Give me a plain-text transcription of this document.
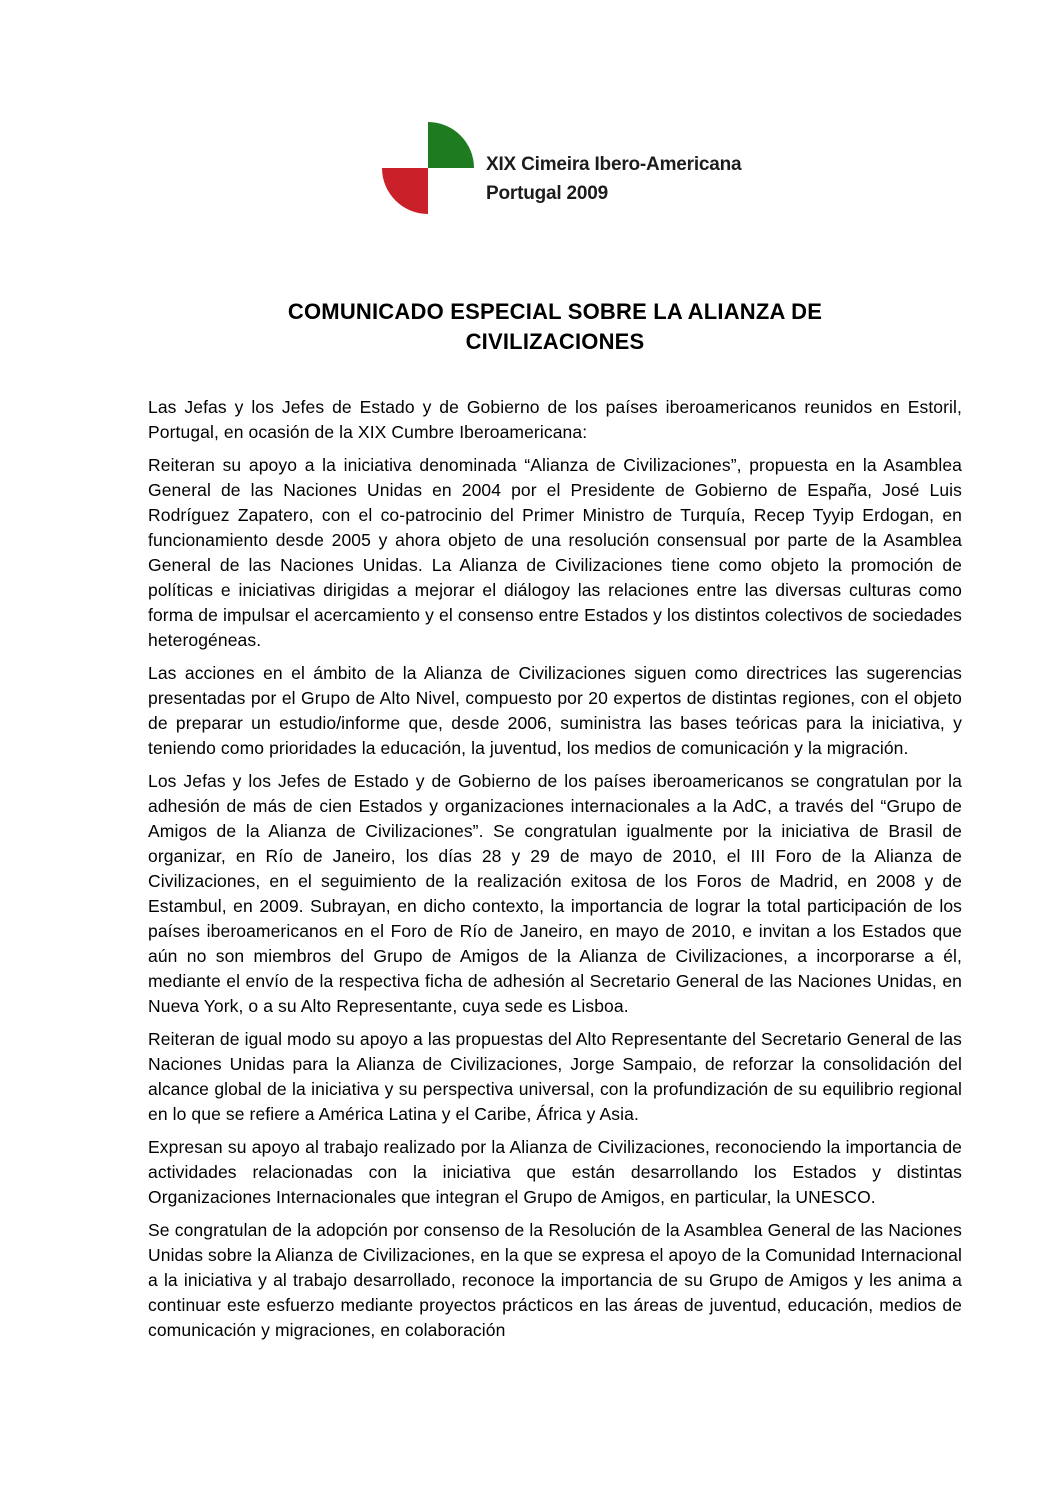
XIX Cimeira Ibero-Americana
Portugal 2009
COMUNICADO ESPECIAL SOBRE LA ALIANZA DE
CIVILIZACIONES

Las Jefas y los Jefes de Estado y de Gobierno de los países iberoamericanos reunidos en Estoril, Portugal, en ocasión de la XIX Cumbre Iberoamericana:

Reiteran su apoyo a la iniciativa denominada “Alianza de Civilizaciones”, propuesta en la Asamblea General de las Naciones Unidas en 2004 por el Presidente de Gobierno de España, José Luis Rodríguez Zapatero, con el co-patrocinio del Primer Ministro de Turquía, Recep Tyyip Erdogan, en funcionamiento desde 2005 y ahora objeto de una resolución consensual por parte de la Asamblea General de las Naciones Unidas. La Alianza de Civilizaciones tiene como objeto la promoción de políticas e iniciativas dirigidas a mejorar el diálogoy las relaciones entre las diversas culturas como forma de impulsar el acercamiento y el consenso entre Estados y los distintos colectivos de sociedades heterogéneas.

Las acciones en el ámbito de la Alianza de Civilizaciones siguen como directrices las sugerencias presentadas por el Grupo de Alto Nivel, compuesto por 20 expertos de distintas regiones, con el objeto de preparar un estudio/informe que, desde 2006, suministra las bases teóricas para la iniciativa, y teniendo como prioridades la educación, la juventud, los medios de comunicación y la migración.

Los Jefas y los Jefes de Estado y de Gobierno de los países iberoamericanos se congratulan por la adhesión de más de cien Estados y organizaciones internacionales a la AdC, a través del “Grupo de Amigos de la Alianza de Civilizaciones”. Se congratulan igualmente por la iniciativa de Brasil de organizar, en Río de Janeiro, los días 28 y 29 de mayo de 2010, el III Foro de la Alianza de Civilizaciones, en el seguimiento de la realización exitosa de los Foros de Madrid, en 2008 y de Estambul, en 2009. Subrayan, en dicho contexto, la importancia de lograr la total participación de los países iberoamericanos en el Foro de Río de Janeiro, en mayo de 2010, e invitan a los Estados que aún no son miembros del Grupo de Amigos de la Alianza de Civilizaciones, a incorporarse a él, mediante el envío de la respectiva ficha de adhesión al Secretario General de las Naciones Unidas, en Nueva York, o a su Alto Representante, cuya sede es Lisboa.

Reiteran de igual modo su apoyo a las propuestas del Alto Representante del Secretario General de las Naciones Unidas para la Alianza de Civilizaciones, Jorge Sampaio, de reforzar la consolidación del alcance global de la iniciativa y su perspectiva universal, con la profundización de su equilibrio regional en lo que se refiere a América Latina y el Caribe, África y Asia.

Expresan su apoyo al trabajo realizado por la Alianza de Civilizaciones, reconociendo la importancia de actividades relacionadas con la iniciativa que están desarrollando los Estados y distintas Organizaciones Internacionales que integran el Grupo de Amigos, en particular, la UNESCO.

Se congratulan de la adopción por consenso de la Resolución de la Asamblea General de las Naciones Unidas sobre la Alianza de Civilizaciones, en la que se expresa el apoyo de la Comunidad Internacional a la iniciativa y al trabajo desarrollado, reconoce la importancia de su Grupo de Amigos y les anima a continuar este esfuerzo mediante proyectos prácticos en las áreas de juventud, educación, medios de comunicación y migraciones, en colaboración
